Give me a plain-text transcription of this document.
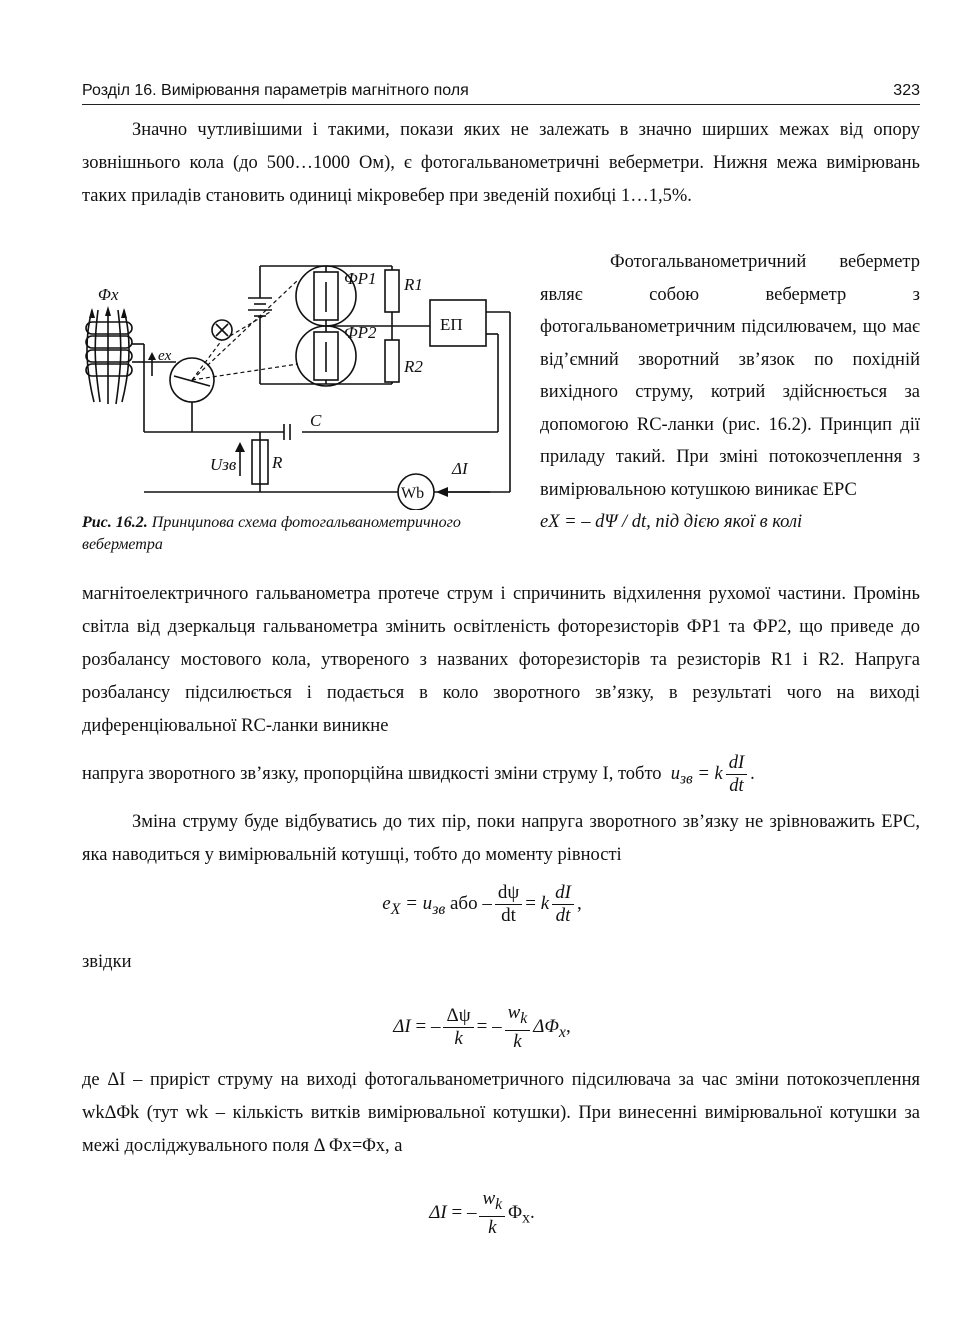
Розділ 16. Вимірювання параметрів магнітного поля	323

Значно чутливішими і такими, покази яких не залежать в значно ширших межах від опору зовнішнього кола (до 500…1000 Ом), є фотогальванометричні веберметри. Нижня межа вимірювань таких приладів становить одиниці мікровебер при зведеній похибці 1…1,5%.

Φx
ex
ФР1
ФР2
R1
R2
ЕП
C
R
Uзв
Wb
ΔI
Рис. 16.2. Принципова схема фотогальванометричного веберметра

Фотогальванометричний веберметр являє собою веберметр з фотогальванометричним підсилювачем, що має від’ємний зворотний зв’язок по похідній вихідного струму, котрий здійснюється за допомогою RC-ланки (рис. 16.2). Принцип дії приладу такий. При зміні потокозчеплення з вимірювальною котушкою виникає ЕРС
eX = – dΨ / dt, під дією якої в колі

магнітоелектричного гальванометра протече струм і спричинить відхилення рухомої частини. Промінь світла від дзеркальця гальванометра змінить освітленість фоторезисторів ФР1 та ФР2, що приведе до розбалансу мостового кола, утвореного з названих фоторезисторів та резисторів R1 і R2. Напруга розбалансу підсилюється і подається в коло зворотного зв’язку, в результаті чого на виході диференціювальної RC-ланки виникне

напруга зворотного зв’язку, пропорційна швидкості зміни струму I, тобто  $u_{зв} = k \frac{dI}{dt}$ .

Зміна струму буде відбуватись до тих пір, поки напруга зворотного зв’язку не зрівноважить ЕРС, яка наводиться у вимірювальній котушці, тобто до моменту рівності

$e_X = u_{зв}$ або – $\frac{d\psi}{dt} = k \frac{dI}{dt}$ ,
звідки
ΔI = – $\frac{\Delta\psi}{k}$ = – $\frac{w_k}{k} \Delta\Phi_x$,

де ΔI – приріст струму на виході фотогальванометричного підсилювача за час зміни потокозчеплення wkΔΦk (тут wk – кількість витків вимірювальної котушки). При винесенні вимірювальної котушки за межі досліджувального поля Δ Φx=Φx, а

ΔI = – $\frac{w_k}{k} \Phi_x$.
